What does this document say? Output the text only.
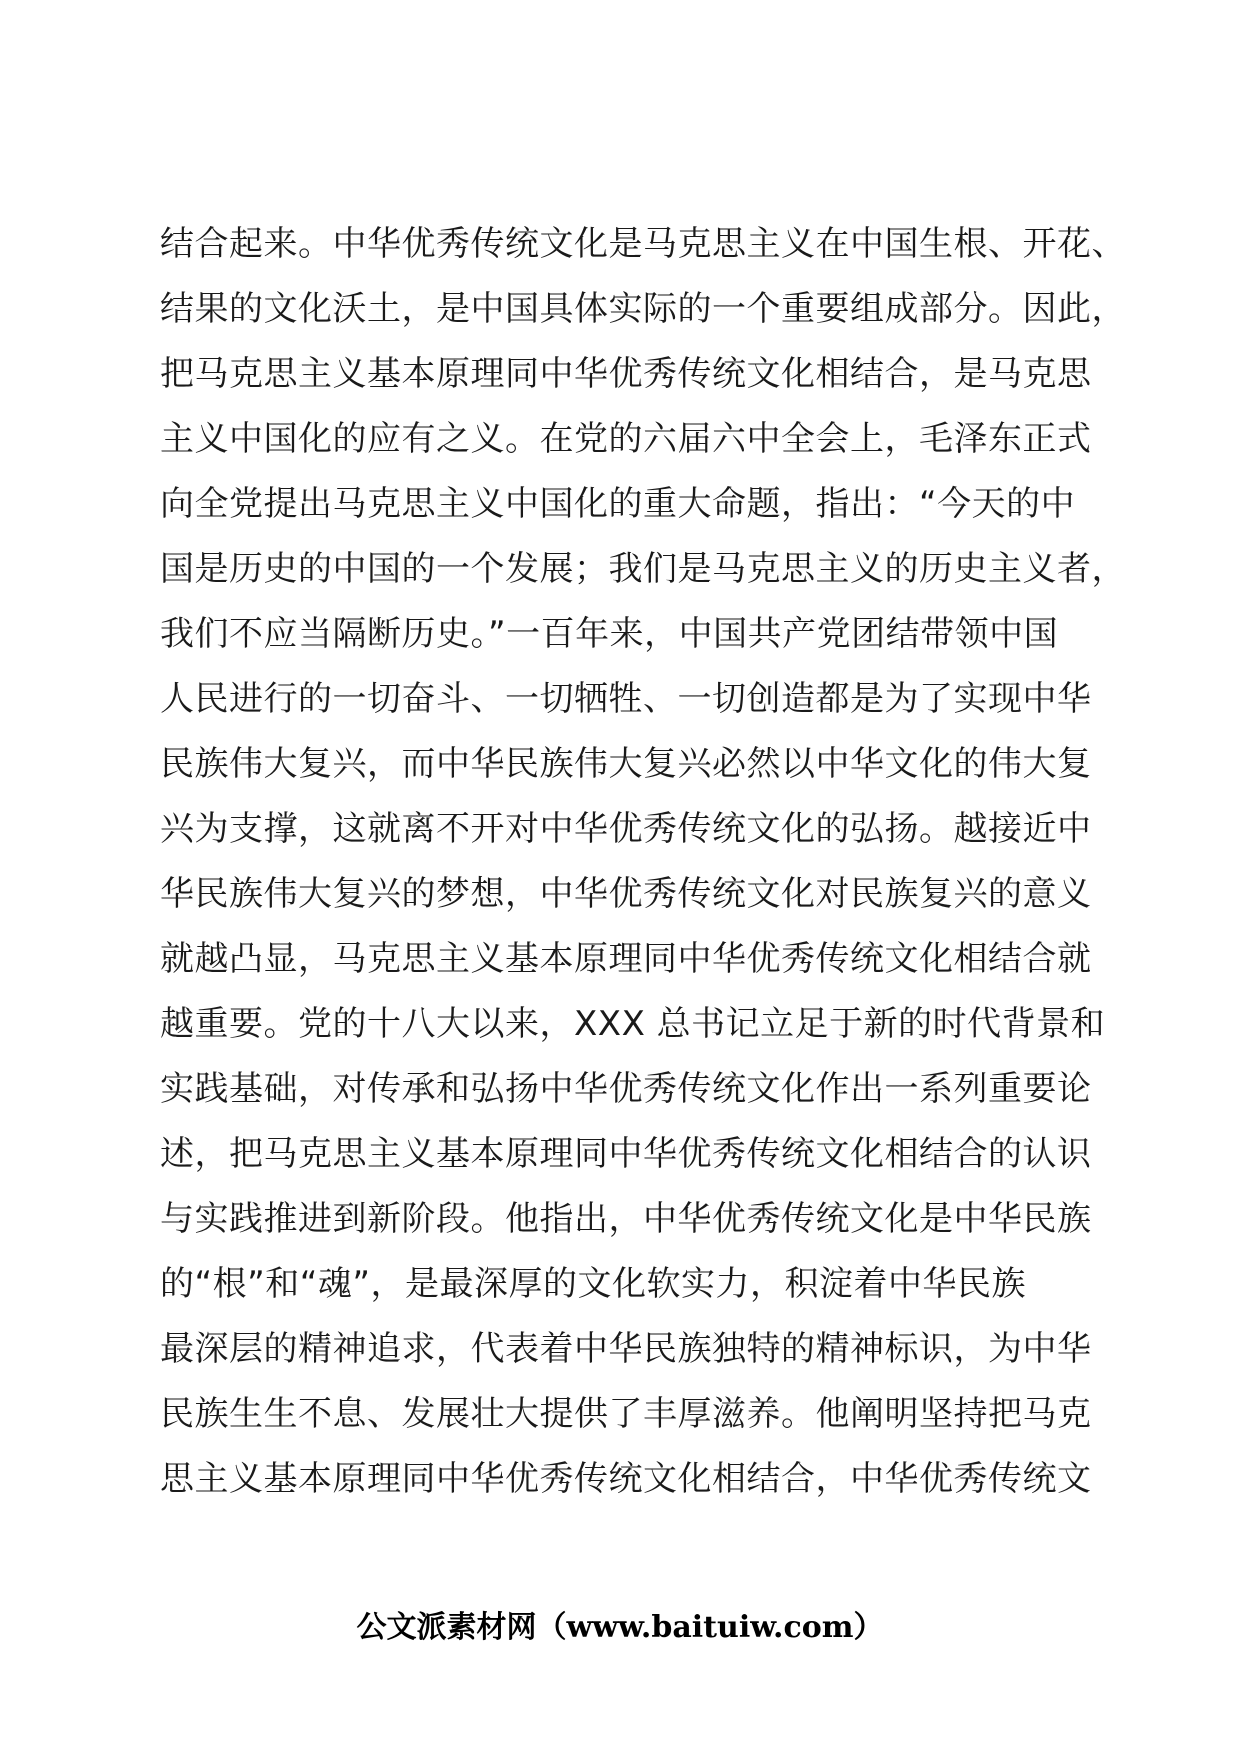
结合起来。中华优秀传统文化是马克思主义在中国生根、开花、
结果的文化沃土，是中国具体实际的一个重要组成部分。因此，
把马克思主义基本原理同中华优秀传统文化相结合，是马克思
主义中国化的应有之义。在党的六届六中全会上，毛泽东正式
向全党提出马克思主义中国化的重大命题，指出：“今天的中
国是历史的中国的一个发展；我们是马克思主义的历史主义者，
我们不应当隔断历史。”一百年来，中国共产党团结带领中国
人民进行的一切奋斗、一切牺牲、一切创造都是为了实现中华
民族伟大复兴，而中华民族伟大复兴必然以中华文化的伟大复
兴为支撑，这就离不开对中华优秀传统文化的弘扬。越接近中
华民族伟大复兴的梦想，中华优秀传统文化对民族复兴的意义
就越凸显，马克思主义基本原理同中华优秀传统文化相结合就
越重要。党的十八大以来，XXX 总书记立足于新的时代背景和
实践基础，对传承和弘扬中华优秀传统文化作出一系列重要论
述，把马克思主义基本原理同中华优秀传统文化相结合的认识
与实践推进到新阶段。他指出，中华优秀传统文化是中华民族
的“根”和“魂”，是最深厚的文化软实力，积淀着中华民族
最深层的精神追求，代表着中华民族独特的精神标识，为中华
民族生生不息、发展壮大提供了丰厚滋养。他阐明坚持把马克
思主义基本原理同中华优秀传统文化相结合，中华优秀传统文
公文派素材网（www.baituiw.com）
